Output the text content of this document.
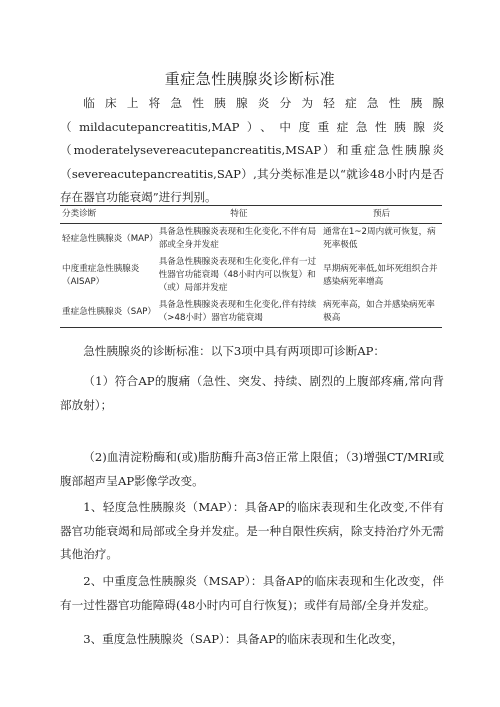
重症急性胰腺炎诊断标准
临床上将急性胰腺炎分为轻症急性胰腺（mildacutepancreatitis,MAP）、中度重症急性胰腺炎（moderatelysevereacutepancreatitis,MSAP）和重症急性胰腺炎（severeacutepancreatitis,SAP）,其分类标准是以“就诊48小时内是否存在器官功能衰竭”进行判别。
分类诊断	特征	预后
轻症急性胰腺炎（MAP）	具备急性胰腺炎表现和生化变化,不伴有局部或全身并发症	通常在1~2周内就可恢复，病死率极低
中度重症急性胰腺炎（AISAP）	具备急性胰腺炎表现和生化变化,伴有一过性器官功能衰竭（48小时内可以恢复）和（或）局部并发症	早期病死率低,如坏死组织合并感染病死率增高
重症急性胰腺炎（SAP）	具备急性胰腺炎表现和生化变化,伴有持续（>48小时）器官功能衰竭	病死率高，如合并感染病死率极高
急性胰腺炎的诊断标准：以下3项中具有两项即可诊断AP：
（1）符合AP的腹痛（急性、突发、持续、剧烈的上腹部疼痛,常向背部放射）；
（2)血清淀粉酶和(或)脂肪酶升高3倍正常上限值；（3)增强CT/MRI或腹部超声呈AP影像学改变。
1、轻度急性胰腺炎（MAP）：具备AP的临床表现和生化改变,不伴有器官功能衰竭和局部或全身并发症。是一种自限性疾病，除支持治疗外无需其他治疗。
2、中重度急性胰腺炎（MSAP）：具备AP的临床表现和生化改变，伴有一过性器官功能障碍(48小时内可自行恢复)；或伴有局部/全身并发症。
3、重度急性胰腺炎（SAP）：具备AP的临床表现和生化改变，
